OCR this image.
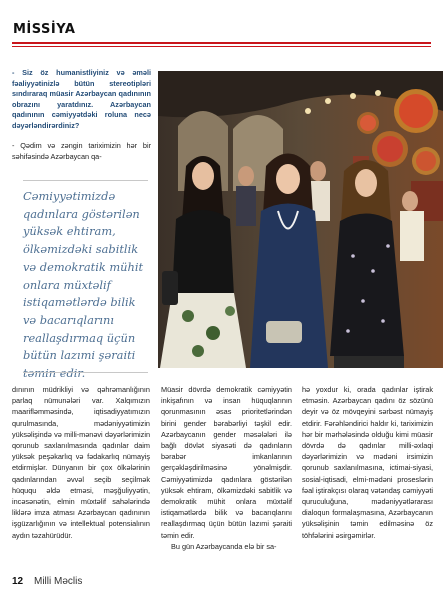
MİSSİYA
- Siz öz humanistliyiniz və əməli fəaliyyətinizlə bütün stereotipləri sındıraraq müasir Azərbaycan qadınının obrazını yaratdınız. Azərbaycan qadınının cəmiyyətdəki roluna necə dəyərləndirərdiniz?
- Qədim və zəngin tariximizin hər bir səhifəsində Azərbaycan qa-
Cəmiyyətimizdə qadınlara göstərilən yüksək ehtiram, ölkəmizdəki sabitlik və demokratik mühit onlara müxtəlif istiqamətlərdə bilik və bacarıqlarını reallaşdırmaq üçün bütün lazımi şəraiti təmin edir.

dınının müdrikliyi və qəhrəmanlığının parlaq nümunələri var. Xalqımızın maarifləmməsində, iqtisadiyyatımızın qurulmasında, mədəniyyətimizin yüksəlişində və milli-mənəvi dəyərlərimizin qorunub saxlanılmasında qadınlar daim yüksək peşəkarlıq və fədakarlıq nümayiş etdirmişlər. Dünyanın bir çox ölkələrinin qadınlarından əvvəl seçib seçilmək hüququ əldə etməsi, məşğuliyyətin, incəsənətin, elmin müxtəlif sahələrində liklərə imza atması Azərbaycan qadınının işgüzarlığının və intellektual potensialının aydın təzahürüdür.

Müasir dövrdə demokratik cəmiyyətin inkişafının və insan hüquqlarının qorunmasının əsas prioritetlərindən birini gender bərabərliyi təşkil edir. Azərbaycanın gender məsələləri ilə bağlı dövlət siyasəti də qadınların bərabər imkanlarının gerçəkləşdirilməsinə yönəlmişdir. Cəmiyyətimizdə qadınlara göstərilən yüksək ehtiram, ölkəmizdəki sabitlik və demokratik mühit onlara müxtəlif istiqamətlərdə bilik və bacarıqlarını reallaşdırmaq üçün bütün lazımi şəraiti təmin edir.

Bu gün Azərbaycanda elə bir sa-

hə yoxdur ki, orada qadınlar iştirak etməsin. Azərbaycan qadını öz sözünü deyir və öz mövqeyini sərbəst nümayiş etdirir. Fərəhləndirici haldır ki, tariximizin hər bir mərhələsində olduğu kimi müasir dövrdə də qadınlar milli-əxlaqi dəyərlərimizin və mədəni irsimizin qorunub saxlanılmasına, ictimai-siyasi, sosial-iqtisadi, elmi-mədəni proseslərin fəal iştirakçısı olaraq vətəndaş cəmiyyəti quruculuğuna, mədəniyyətlərarası dialoqun formalaşmasına, Azərbaycanın yüksəlişinin təmin edilməsinə öz töhfələrini əsirgəmirlər.

12 Milli Məclis
